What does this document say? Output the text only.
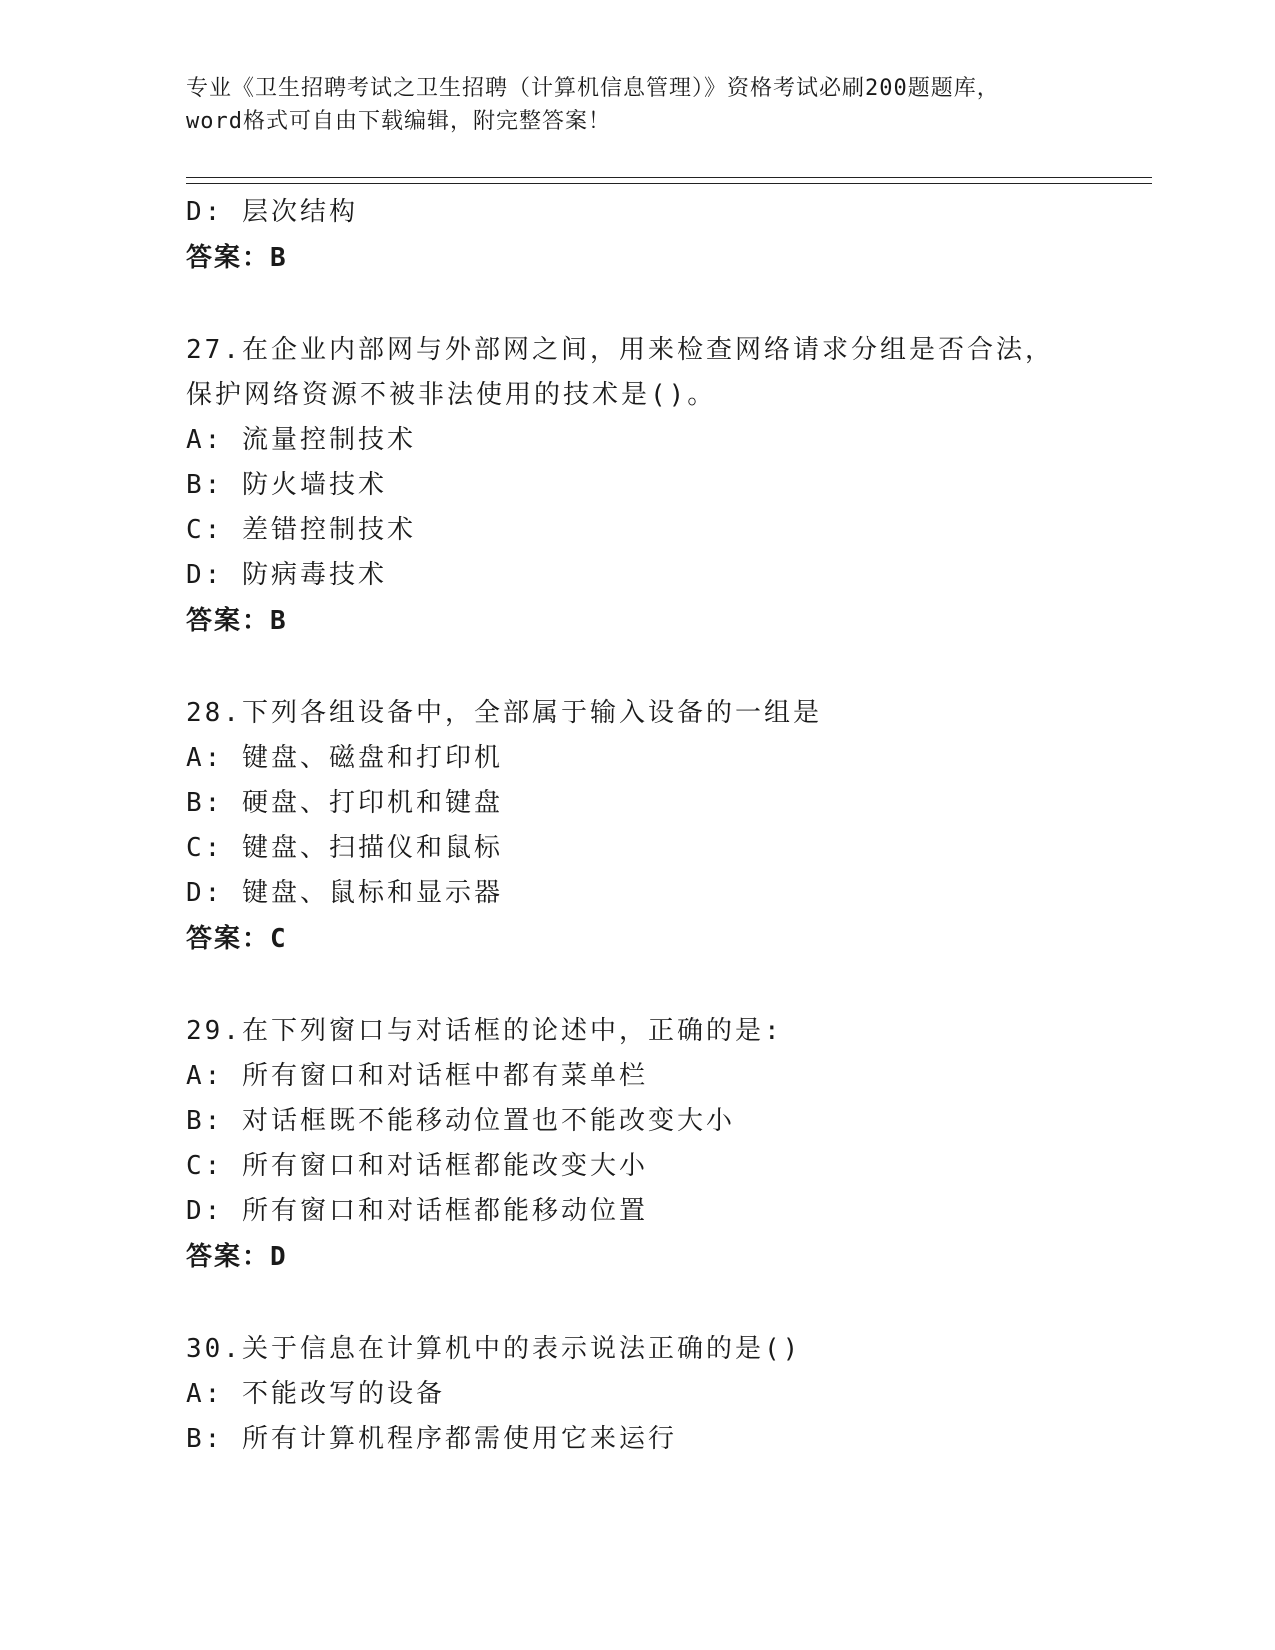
专业《卫生招聘考试之卫生招聘（计算机信息管理）》资格考试必刷200题题库，
word格式可自由下载编辑，附完整答案！
D: 层次结构
答案：B
27.在企业内部网与外部网之间，用来检查网络请求分组是否合法，保护网络资源不被非法使用的技术是()。
A: 流量控制技术
B: 防火墙技术
C: 差错控制技术
D: 防病毒技术
答案：B
28.下列各组设备中，全部属于输入设备的一组是
A: 键盘、磁盘和打印机
B: 硬盘、打印机和键盘
C: 键盘、扫描仪和鼠标
D: 键盘、鼠标和显示器
答案：C
29.在下列窗口与对话框的论述中，正确的是:
A: 所有窗口和对话框中都有菜单栏
B: 对话框既不能移动位置也不能改变大小
C: 所有窗口和对话框都能改变大小
D: 所有窗口和对话框都能移动位置
答案：D
30.关于信息在计算机中的表示说法正确的是()
A: 不能改写的设备
B: 所有计算机程序都需使用它来运行
